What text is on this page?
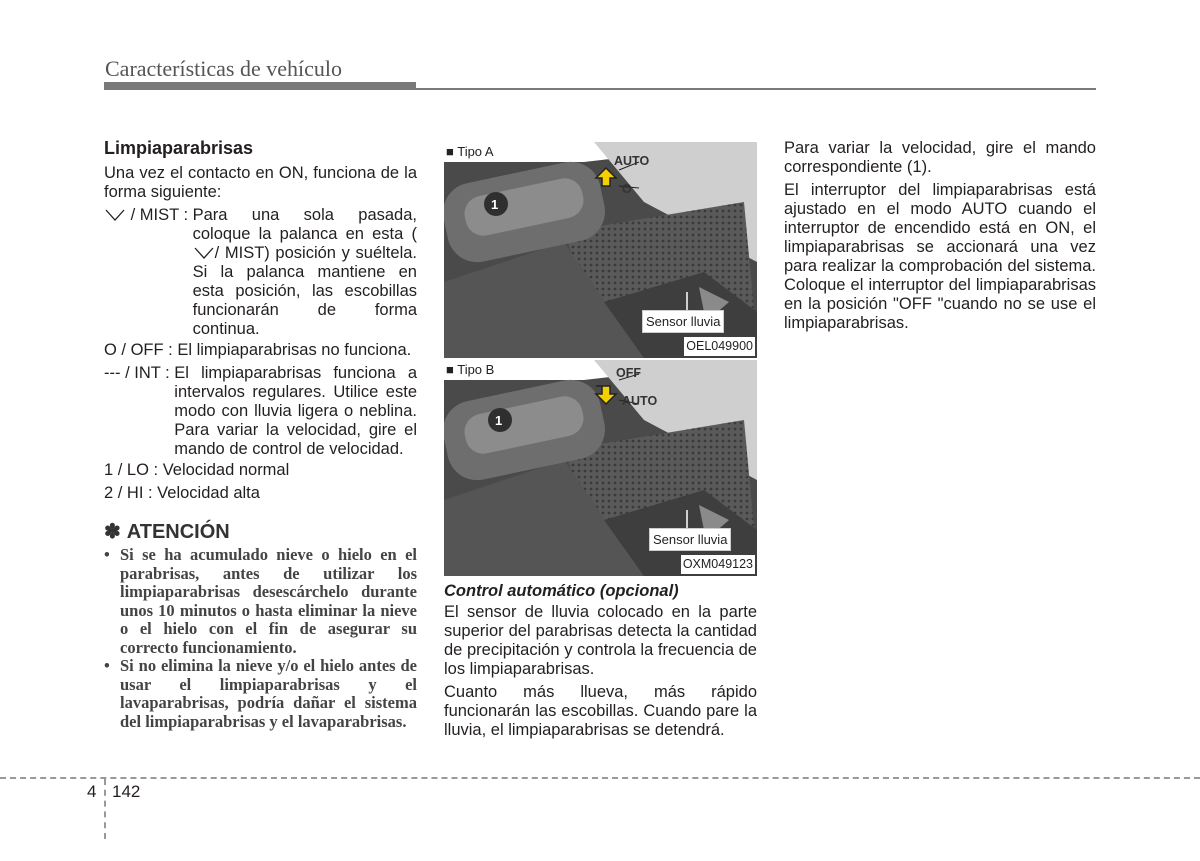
Características de vehículo
Limpiaparabrisas

Una vez el contacto en ON, funciona de la forma siguiente:

/ MIST : Para una sola pasada, coloque la palanca en esta (/ MIST) posición y suéltela. Si la palanca mantiene en esta posición, las escobillas funcionarán de forma continua.

O / OFF : El limpiaparabrisas no funciona.

--- / INT : El limpiaparabrisas funciona a intervalos regulares. Utilice este modo con lluvia ligera o neblina. Para variar la velocidad, gire el mando de control de velocidad.

1 / LO : Velocidad normal

2 / HI : Velocidad alta

✽ ATENCIÓN
• Si se ha acumulado nieve o hielo en el parabrisas, antes de utilizar los limpiaparabrisas desescárchelo durante unos 10 minutos o hasta eliminar la nieve o el hielo con el fin de asegurar su correcto funcionamiento.
• Si no elimina la nieve y/o el hielo antes de usar el limpiaparabrisas y el lavaparabrisas, podría dañar el sistema del limpiaparabrisas y el lavaparabrisas.
1
■ Tipo A
AUTO
O
Sensor lluvia
OEL049900
1
■ Tipo B	OFF
AUTO
Sensor lluvia
OXM049123
Control automático (opcional)

El sensor de lluvia colocado en la parte superior del parabrisas detecta la cantidad de precipitación y controla la frecuencia de los limpiaparabrisas.

Cuanto más llueva, más rápido funcionarán las escobillas. Cuando pare la lluvia, el limpiaparabrisas se detendrá.

Para variar la velocidad, gire el mando correspondiente (1).

El interruptor del limpiaparabrisas está ajustado en el modo AUTO cuando el interruptor de encendido está en ON, el limpiaparabrisas se accionará una vez para realizar la comprobación del sistema. Coloque el interruptor del limpiaparabrisas en la posición "OFF "cuando no se use el limpiaparabrisas.

4 142
